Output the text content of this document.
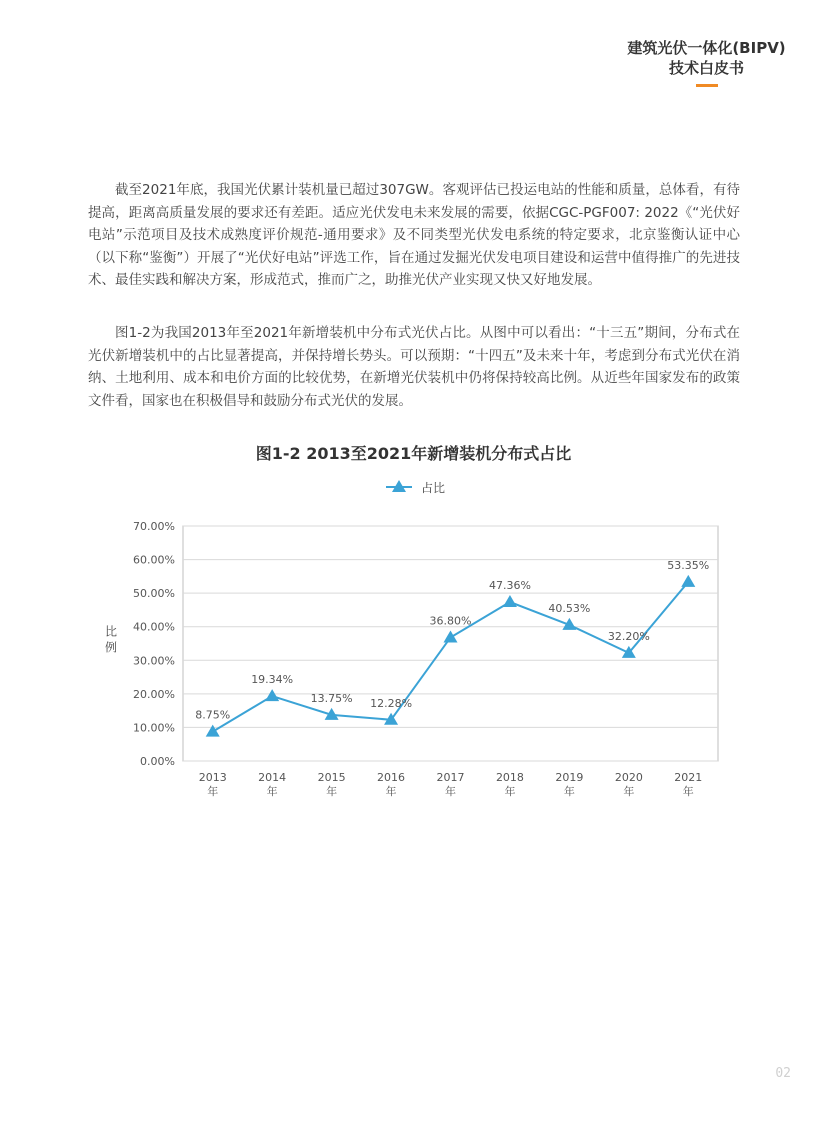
建筑光伏一体化(BIPV)
技术白皮书

截至2021年底，我国光伏累计装机量已超过307GW。客观评估已投运电站的性能和质量，总体看，有待提高，距离高质量发展的要求还有差距。适应光伏发电未来发展的需要，依据CGC-PGF007: 2022《“光伏好电站”示范项目及技术成熟度评价规范-通用要求》及不同类型光伏发电系统的特定要求，北京鉴衡认证中心（以下称“鉴衡”）开展了“光伏好电站”评选工作，旨在通过发掘光伏发电项目建设和运营中值得推广的先进技术、最佳实践和解决方案，形成范式，推而广之，助推光伏产业实现又快又好地发展。

图1-2为我国2013年至2021年新增装机中分布式光伏占比。从图中可以看出：“十三五”期间，分布式在光伏新增装机中的占比显著提高，并保持增长势头。可以预期：“十四五”及未来十年，考虑到分布式光伏在消纳、土地利用、成本和电价方面的比较优势，在新增光伏装机中仍将保持较高比例。从近些年国家发布的政策文件看，国家也在积极倡导和鼓励分布式光伏的发展。

图1-2 2013至2021年新增装机分布式占比
0.00%
10.00%
20.00%
30.00%
40.00%
50.00%
60.00%
70.00%
比
例
2013 年
2014 年
2015 年
2016 年
2017 年
2018 年
2019 年
2020 年
2021 年
8.75%
19.34%
13.75% 12.28%
36.80%
47.36%
40.53%
32.20%
53.35%
占比
02
